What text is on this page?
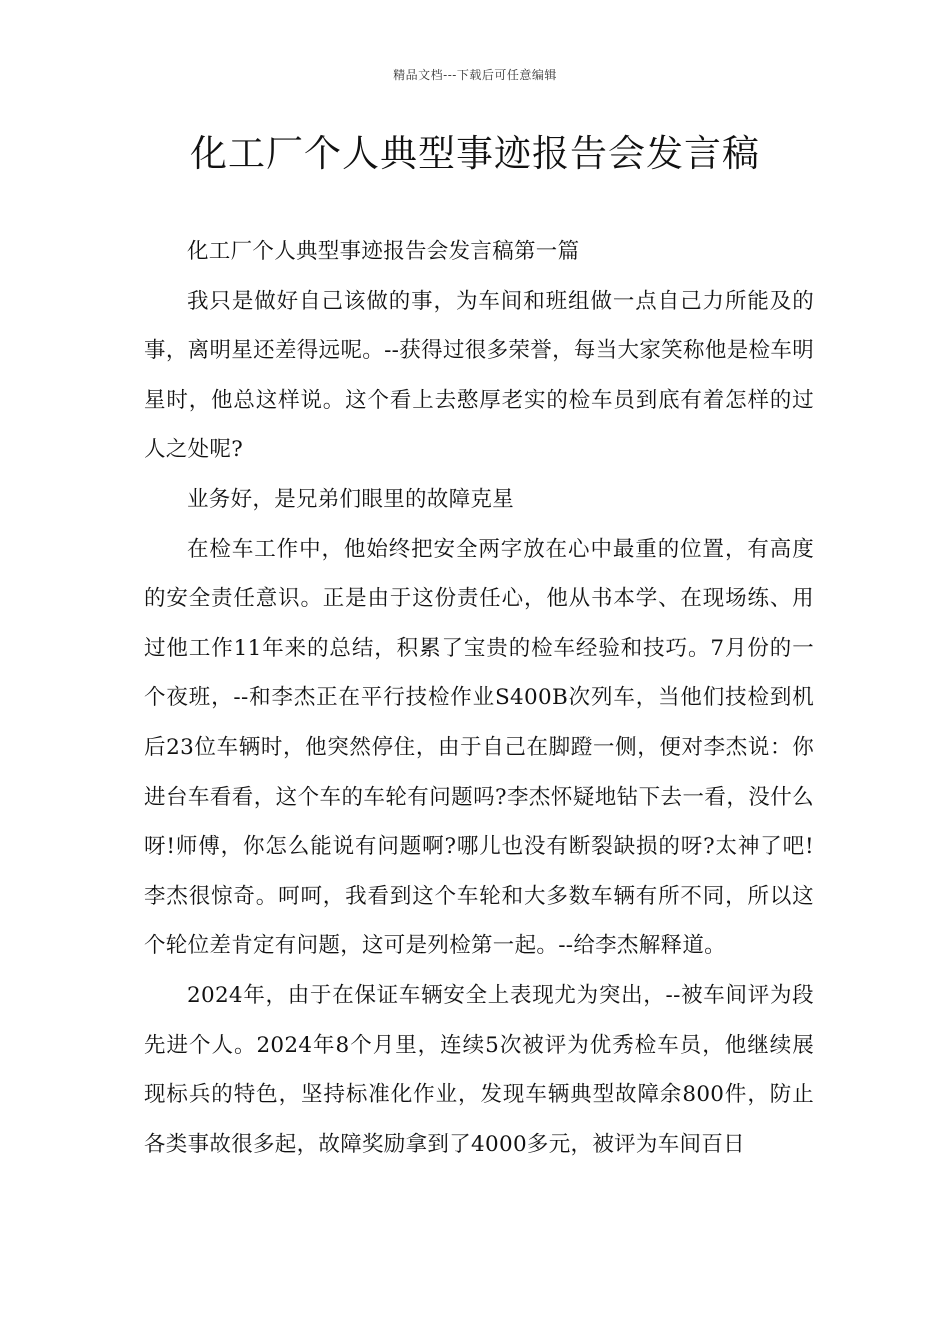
精品文档---下载后可任意编辑
化工厂个人典型事迹报告会发言稿

化工厂个人典型事迹报告会发言稿第一篇

我只是做好自己该做的事，为车间和班组做一点自己力所能及的事，离明星还差得远呢。--获得过很多荣誉，每当大家笑称他是检车明星时，他总这样说。这个看上去憨厚老实的检车员到底有着怎样的过人之处呢?

业务好，是兄弟们眼里的故障克星

在检车工作中，他始终把安全两字放在心中最重的位置，有高度的安全责任意识。正是由于这份责任心，他从书本学、在现场练、用过他工作11年来的总结，积累了宝贵的检车经验和技巧。7月份的一个夜班，--和李杰正在平行技检作业S400B次列车，当他们技检到机后23位车辆时，他突然停住，由于自己在脚蹬一侧，便对李杰说：你进台车看看，这个车的车轮有问题吗?李杰怀疑地钻下去一看，没什么呀!师傅，你怎么能说有问题啊?哪儿也没有断裂缺损的呀?太神了吧!李杰很惊奇。呵呵，我看到这个车轮和大多数车辆有所不同，所以这个轮位差肯定有问题，这可是列检第一起。--给李杰解释道。

2024年，由于在保证车辆安全上表现尤为突出，--被车间评为段先进个人。2024年8个月里，连续5次被评为优秀检车员，他继续展现标兵的特色，坚持标准化作业，发现车辆典型故障余800件，防止各类事故很多起，故障奖励拿到了4000多元，被评为车间百日
